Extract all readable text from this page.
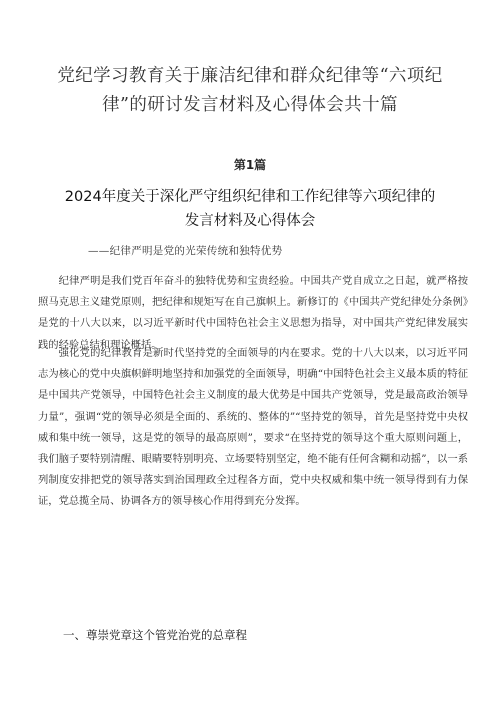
党纪学习教育关于廉洁纪律和群众纪律等“六项纪律”的研讨发言材料及心得体会共十篇
第1篇
2024年度关于深化严守组织纪律和工作纪律等六项纪律的
发言材料及心得体会
——纪律严明是党的光荣传统和独特优势

纪律严明是我们党百年奋斗的独特优势和宝贵经验。中国共产党自成立之日起，就严格按照马克思主义建党原则，把纪律和规矩写在自己旗帜上。新修订的《中国共产党纪律处分条例》是党的十八大以来，以习近平新时代中国特色社会主义思想为指导，对中国共产党纪律发展实践的经验总结和理论概括。

强化党的纪律教育是新时代坚持党的全面领导的内在要求。党的十八大以来，以习近平同志为核心的党中央旗帜鲜明地坚持和加强党的全面领导，明确“中国特色社会主义最本质的特征是中国共产党领导，中国特色社会主义制度的最大优势是中国共产党领导，党是最高政治领导力量”，强调“党的领导必须是全面的、系统的、整体的”“坚持党的领导，首先是坚持党中央权威和集中统一领导，这是党的领导的最高原则”，要求“在坚持党的领导这个重大原则问题上，我们脑子要特别清醒、眼睛要特别明亮、立场要特别坚定，绝不能有任何含糊和动摇”，以一系列制度安排把党的领导落实到治国理政全过程各方面，党中央权威和集中统一领导得到有力保证，党总揽全局、协调各方的领导核心作用得到充分发挥。

一、尊崇党章这个管党治党的总章程
